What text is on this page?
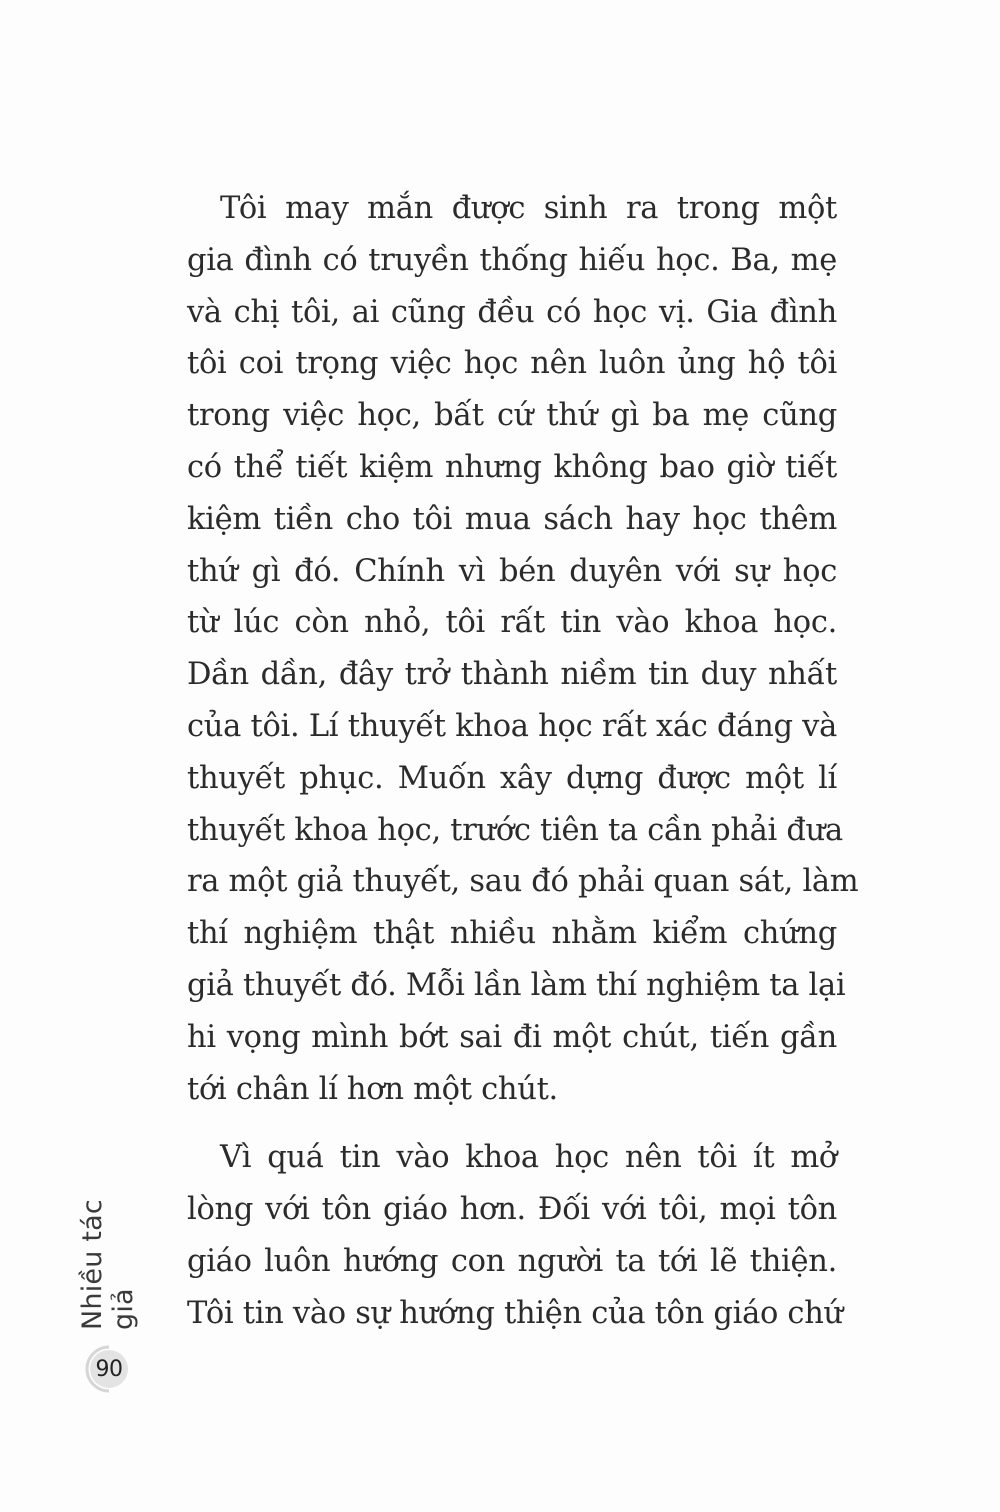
Tôi may mắn được sinh ra trong một
gia đình có truyền thống hiếu học. Ba, mẹ
và chị tôi, ai cũng đều có học vị. Gia đình
tôi coi trọng việc học nên luôn ủng hộ tôi
trong việc học, bất cứ thứ gì ba mẹ cũng
có thể tiết kiệm nhưng không bao giờ tiết
kiệm tiền cho tôi mua sách hay học thêm
thứ gì đó. Chính vì bén duyên với sự học
từ lúc còn nhỏ, tôi rất tin vào khoa học.
Dần dần, đây trở thành niềm tin duy nhất
của tôi. Lí thuyết khoa học rất xác đáng và
thuyết phục. Muốn xây dựng được một lí
thuyết khoa học, trước tiên ta cần phải đưa
ra một giả thuyết, sau đó phải quan sát, làm
thí nghiệm thật nhiều nhằm kiểm chứng
giả thuyết đó. Mỗi lần làm thí nghiệm ta lại
hi vọng mình bớt sai đi một chút, tiến gần
tới chân lí hơn một chút.

Vì quá tin vào khoa học nên tôi ít mở
lòng với tôn giáo hơn. Đối với tôi, mọi tôn
giáo luôn hướng con người ta tới lẽ thiện.
Tôi tin vào sự hướng thiện của tôn giáo chứ

Nhiều tác giả
90
